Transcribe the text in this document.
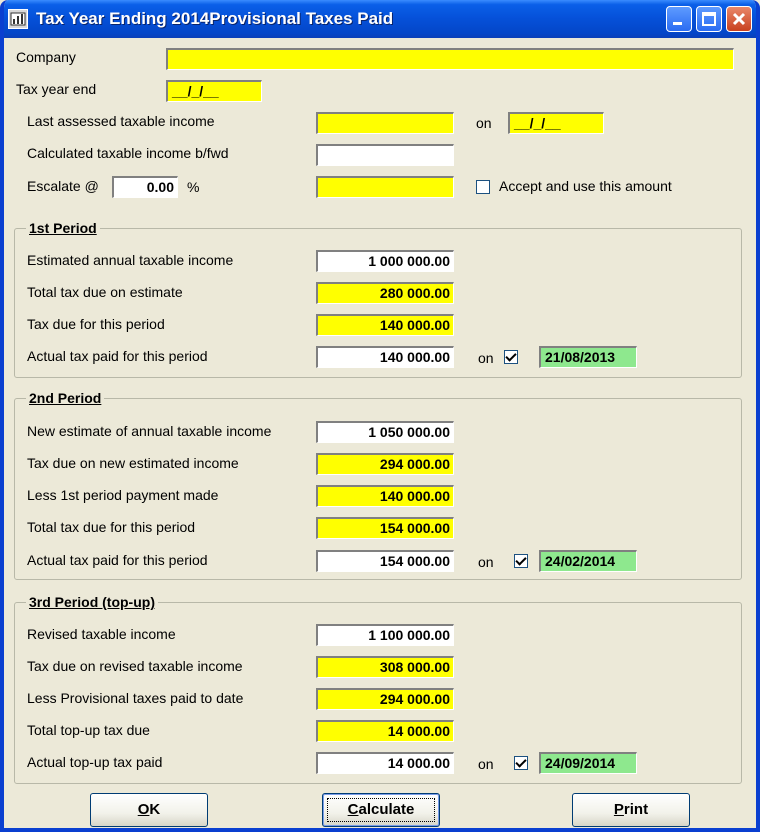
Tax Year Ending 2014Provisional Taxes Paid
Company
Tax year end	__/_/__
Last assessed taxable income	on	__/_/__
Calculated taxable income b/fwd
Escalate @	0.00 %	Accept and use this amount
1st Period
Estimated annual taxable income	1 000 000.00
Total tax due on estimate	280 000.00
Tax due for this period	140 000.00
Actual tax paid for this period	140 000.00 on	21/08/2013
2nd Period
New estimate of annual taxable income	1 050 000.00
Tax due on new estimated income	294 000.00
Less 1st period payment made	140 000.00
Total tax due for this period	154 000.00
Actual tax paid for this period	154 000.00 on	24/02/2014
3rd Period (top-up)
Revised taxable income	1 100 000.00
Tax due on revised taxable income	308 000.00
Less Provisional taxes paid to date	294 000.00
Total top-up tax due	14 000.00
Actual top-up tax paid	14 000.00 on	24/09/2014
OK	Calculate	Print
